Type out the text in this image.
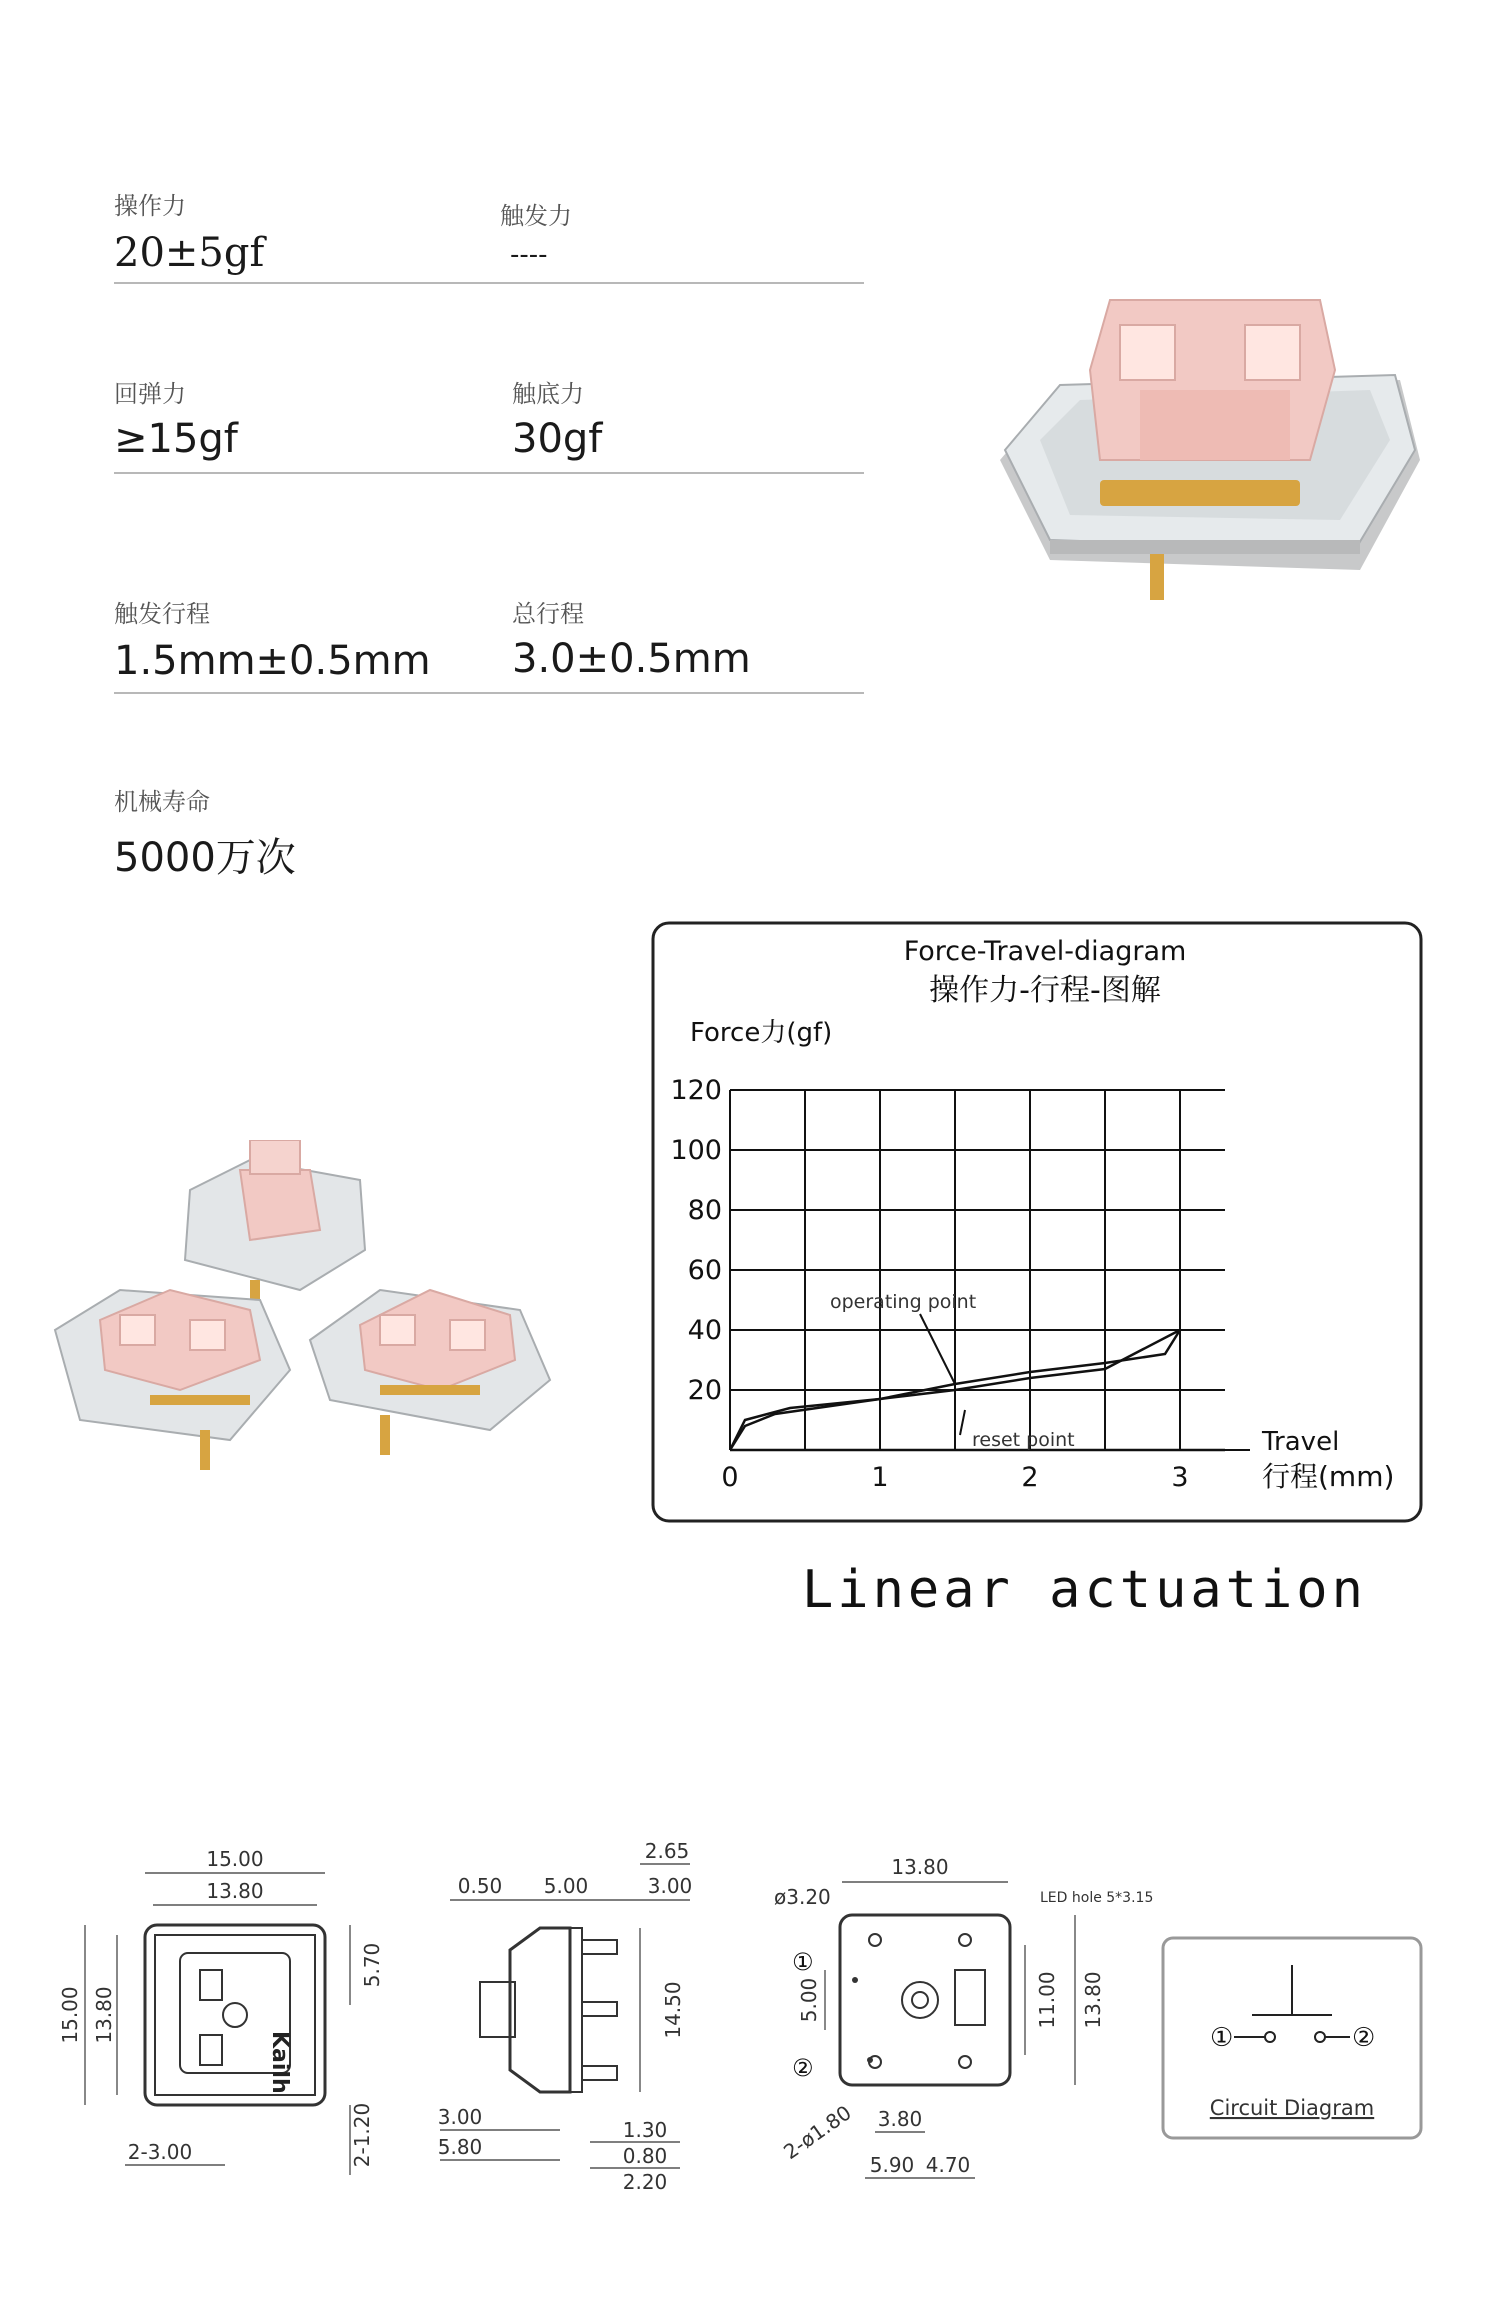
操作力
20±5gf
触发力
----
回弹力
≥15gf
触底力
30gf
触发行程
1.5mm±0.5mm
总行程
3.0±0.5mm
机械寿命
5000万次
Force-Travel-diagram
操作力-行程-图解
Force力(gf)
20
40
60
80
100
120
0	1	2	3
operating point
reset point	Travel
行程(mm)
Linear actuation
15.00
13.80
Kailh
15.00 13.80
5.70
2-1.20
2-3.00
2.65
0.50 5.00	3.00
14.50
3.00
5.80
1.30
0.80
2.20
13.80
ø3.20	LED hole 5*3.15
①
②
5.00	11.00 13.80
3.80
2-ø1.80
5.90 4.70
①	②
Circuit Diagram
